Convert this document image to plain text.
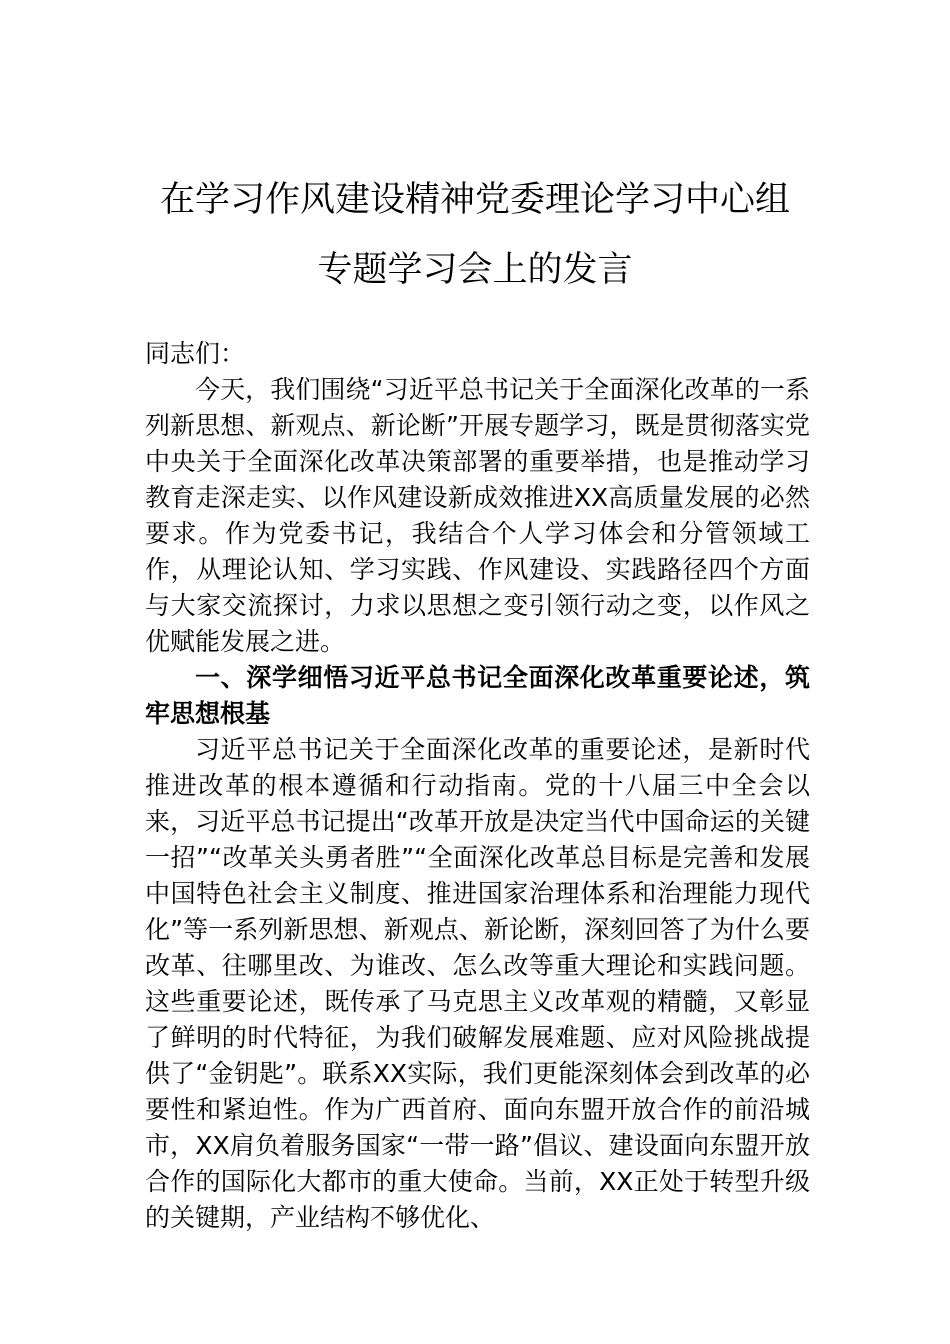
在学习作风建设精神党委理论学习中心组
专题学习会上的发言

同志们：

今天，我们围绕“习近平总书记关于全面深化改革的一系列新思想、新观点、新论断”开展专题学习，既是贯彻落实党中央关于全面深化改革决策部署的重要举措，也是推动学习教育走深走实、以作风建设新成效推进XX高质量发展的必然要求。作为党委书记，我结合个人学习体会和分管领域工作，从理论认知、学习实践、作风建设、实践路径四个方面与大家交流探讨，力求以思想之变引领行动之变，以作风之优赋能发展之进。

一、深学细悟习近平总书记全面深化改革重要论述，筑牢思想根基

习近平总书记关于全面深化改革的重要论述，是新时代推进改革的根本遵循和行动指南。党的十八届三中全会以来，习近平总书记提出“改革开放是决定当代中国命运的关键一招”“改革关头勇者胜”“全面深化改革总目标是完善和发展中国特色社会主义制度、推进国家治理体系和治理能力现代化”等一系列新思想、新观点、新论断，深刻回答了为什么要改革、往哪里改、为谁改、怎么改等重大理论和实践问题。这些重要论述，既传承了马克思主义改革观的精髓，又彰显了鲜明的时代特征，为我们破解发展难题、应对风险挑战提供了“金钥匙”。联系XX实际，我们更能深刻体会到改革的必要性和紧迫性。作为广西首府、面向东盟开放合作的前沿城市，XX肩负着服务国家“一带一路”倡议、建设面向东盟开放合作的国际化大都市的重大使命。当前，XX正处于转型升级的关键期，产业结构不够优化、
